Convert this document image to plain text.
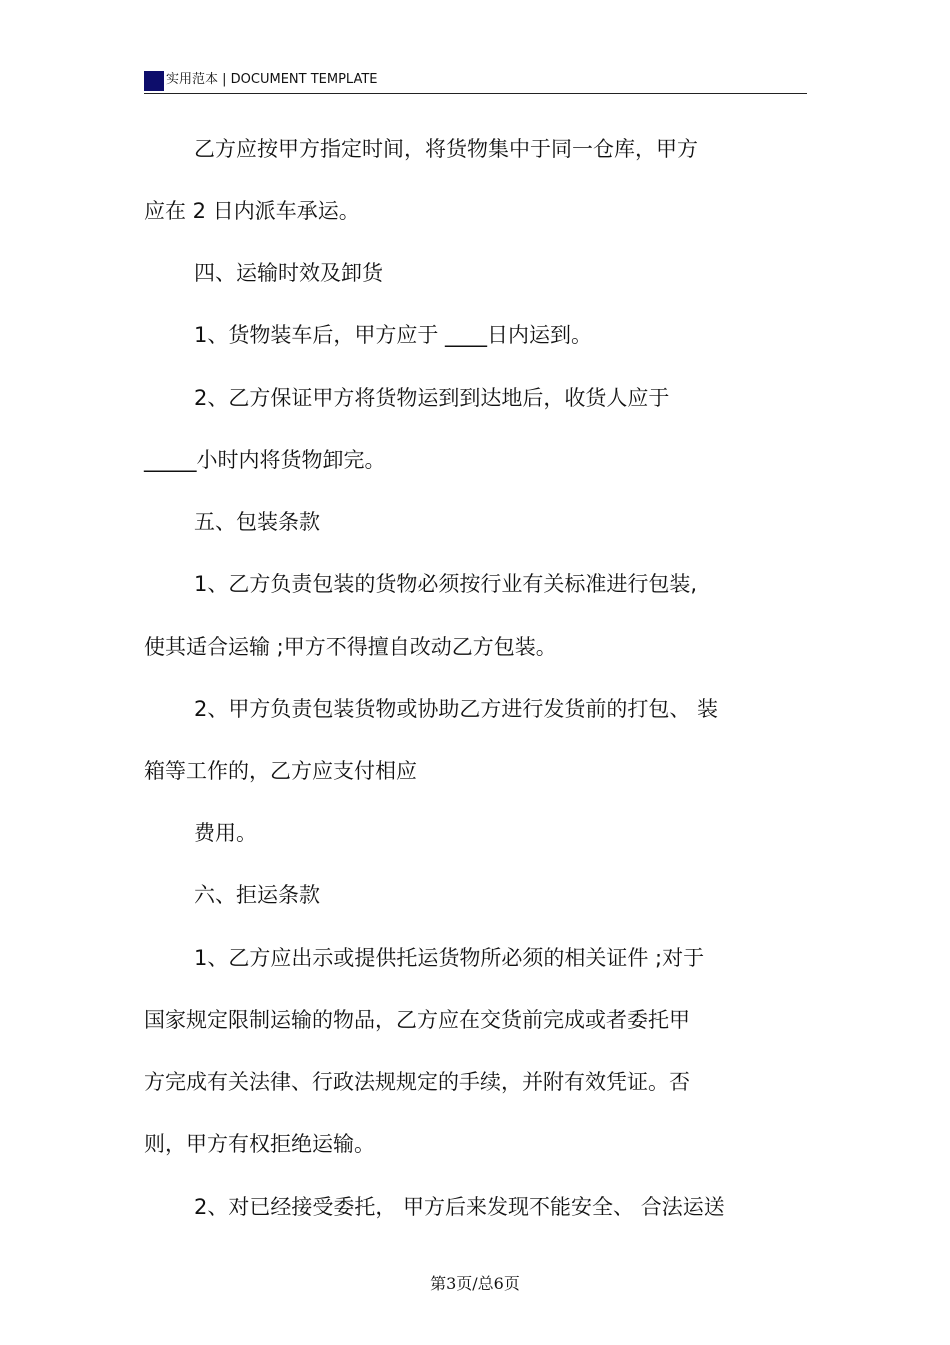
实用范本 | DOCUMENT TEMPLATE
乙方应按甲方指定时间，将货物集中于同一仓库，甲方
应在 2 日内派车承运。
四、运输时效及卸货
1、货物装车后，甲方应于 ____日内运到。
2、乙方保证甲方将货物运到到达地后，收货人应于
_____小时内将货物卸完。
五、包装条款
1、乙方负责包装的货物必须按行业有关标准进行包装,
使其适合运输 ;甲方不得擅自改动乙方包装。
2、甲方负责包装货物或协助乙方进行发货前的打包、 装
箱等工作的，乙方应支付相应
费用。
六、拒运条款
1、乙方应出示或提供托运货物所必须的相关证件 ;对于
国家规定限制运输的物品，乙方应在交货前完成或者委托甲
方完成有关法律、行政法规规定的手续，并附有效凭证。否
则，甲方有权拒绝运输。
2、对已经接受委托， 甲方后来发现不能安全、 合法运送
第3页/总6页
